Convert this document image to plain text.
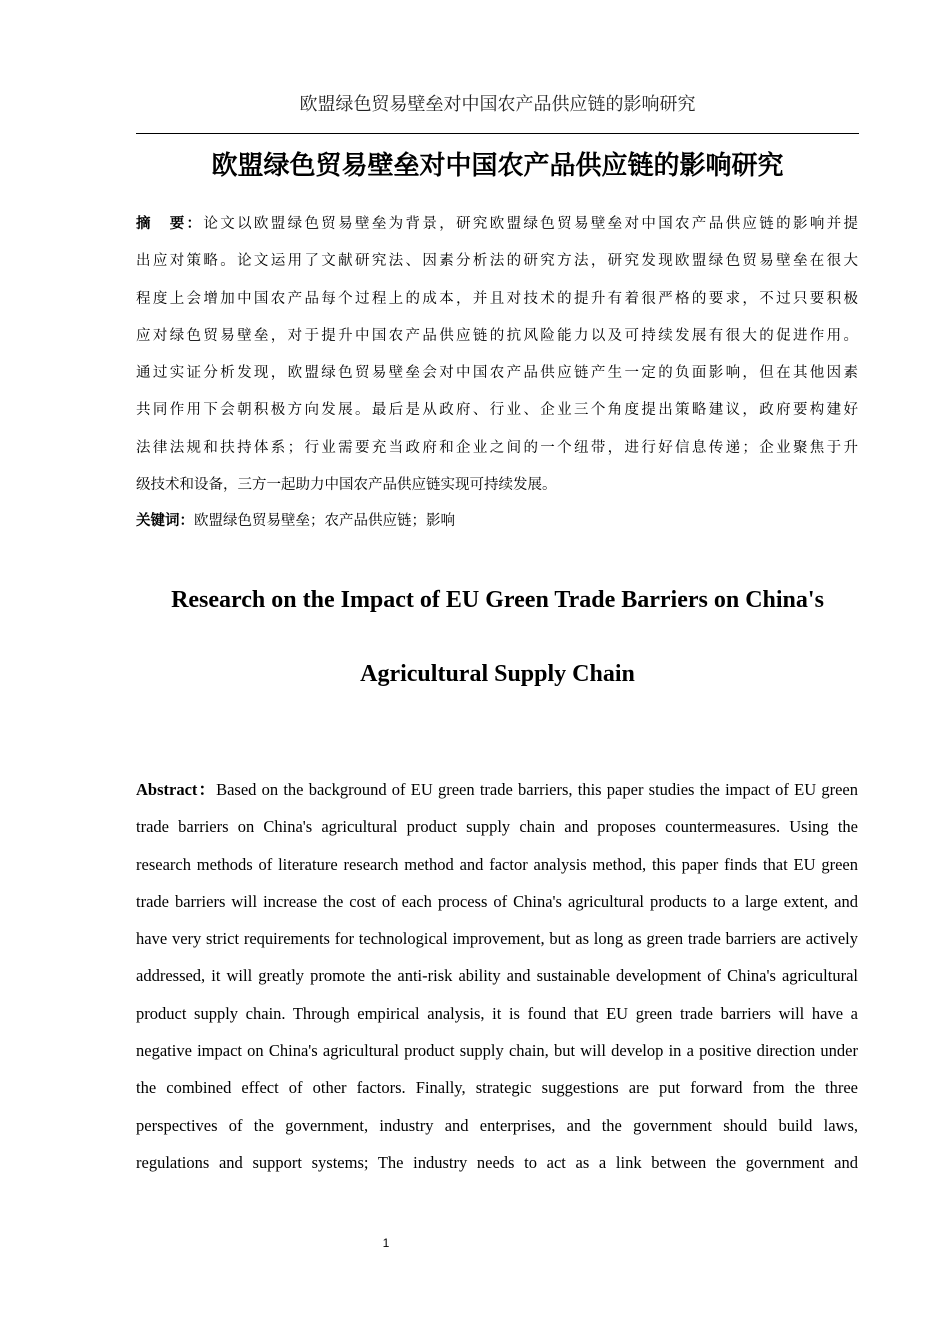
欧盟绿色贸易壁垒对中国农产品供应链的影响研究
欧盟绿色贸易壁垒对中国农产品供应链的影响研究
摘　要：论文以欧盟绿色贸易壁垒为背景，研究欧盟绿色贸易壁垒对中国农产品供应链的影响并提
出应对策略。论文运用了文献研究法、因素分析法的研究方法，研究发现欧盟绿色贸易壁垒在很大
程度上会增加中国农产品每个过程上的成本，并且对技术的提升有着很严格的要求，不过只要积极
应对绿色贸易壁垒，对于提升中国农产品供应链的抗风险能力以及可持续发展有很大的促进作用。
通过实证分析发现，欧盟绿色贸易壁垒会对中国农产品供应链产生一定的负面影响，但在其他因素
共同作用下会朝积极方向发展。最后是从政府、行业、企业三个角度提出策略建议，政府要构建好
法律法规和扶持体系；行业需要充当政府和企业之间的一个纽带，进行好信息传递；企业聚焦于升
级技术和设备，三方一起助力中国农产品供应链实现可持续发展。
关键词：欧盟绿色贸易壁垒；农产品供应链；影响
Research on the Impact of EU Green Trade Barriers on China's
Agricultural Supply Chain
Abstract：Based on the background of EU green trade barriers, this paper studies the impact of EU green
trade barriers on China's agricultural product supply chain and proposes countermeasures. Using the
research methods of literature research method and factor analysis method, this paper finds that EU green
trade barriers will increase the cost of each process of China's agricultural products to a large extent, and
have very strict requirements for technological improvement, but as long as green trade barriers are actively
addressed, it will greatly promote the anti-risk ability and sustainable development of China's agricultural
product supply chain. Through empirical analysis, it is found that EU green trade barriers will have a
negative impact on China's agricultural product supply chain, but will develop in a positive direction under
the combined effect of other factors. Finally, strategic suggestions are put forward from the three
perspectives of the government, industry and enterprises, and the government should build laws,
regulations and support systems; The industry needs to act as a link between the government and
1
